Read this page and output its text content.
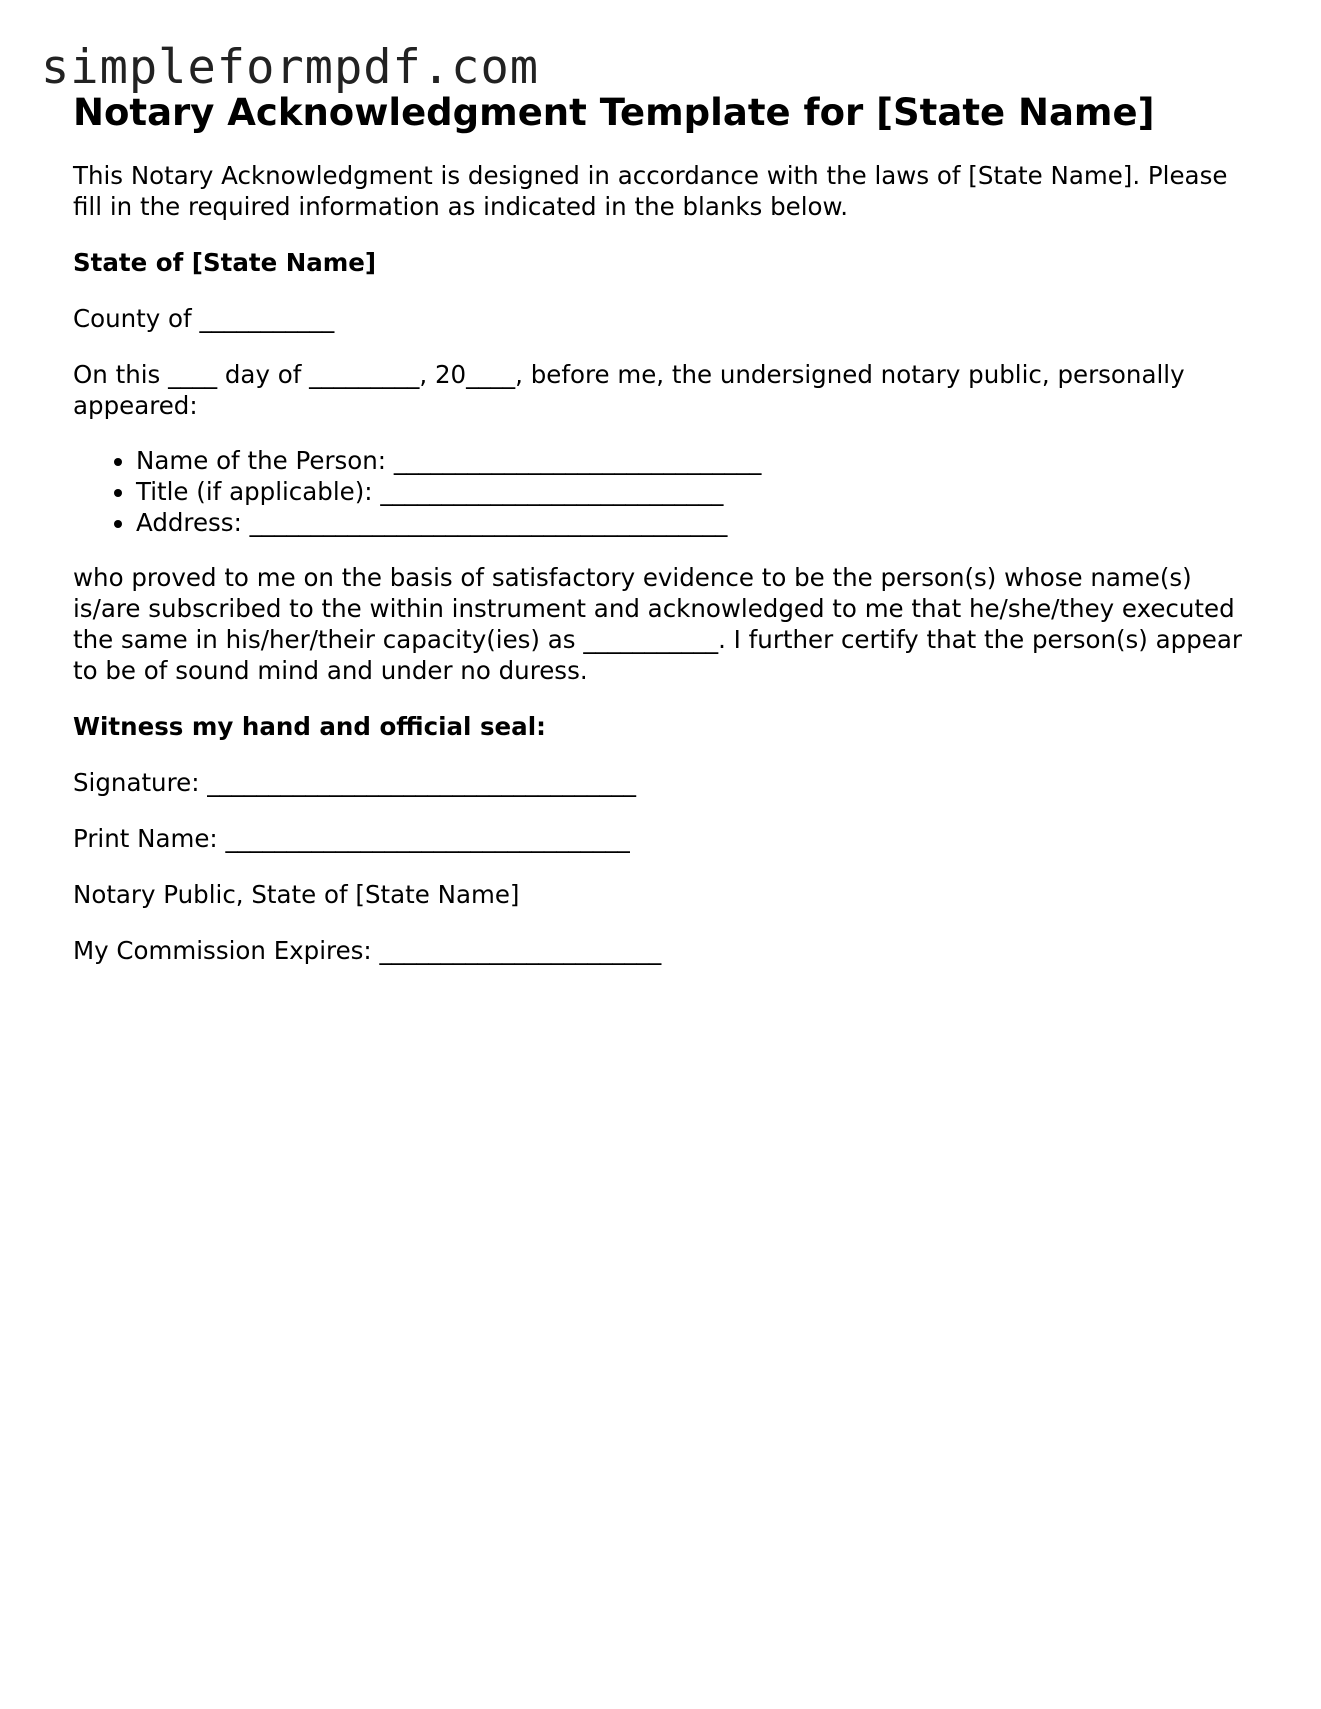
simpleformpdf.com
Notary Acknowledgment Template for [State Name]

This Notary Acknowledgment is designed in accordance with the laws of [State Name]. Please fill in the required information as indicated in the blanks below.

State of [State Name]

County of ___________

On this ____ day of _________, 20____, before me, the undersigned notary public, personally appeared:

• Name of the Person: ______________________________
• Title (if applicable): ____________________________
• Address: _______________________________________

who proved to me on the basis of satisfactory evidence to be the person(s) whose name(s) is/are subscribed to the within instrument and acknowledged to me that he/she/they executed the same in his/her/their capacity(ies) as ___________. I further certify that the person(s) appear to be of sound mind and under no duress.

Witness my hand and official seal:

Signature: ___________________________________

Print Name: _________________________________

Notary Public, State of [State Name]

My Commission Expires: _______________________
